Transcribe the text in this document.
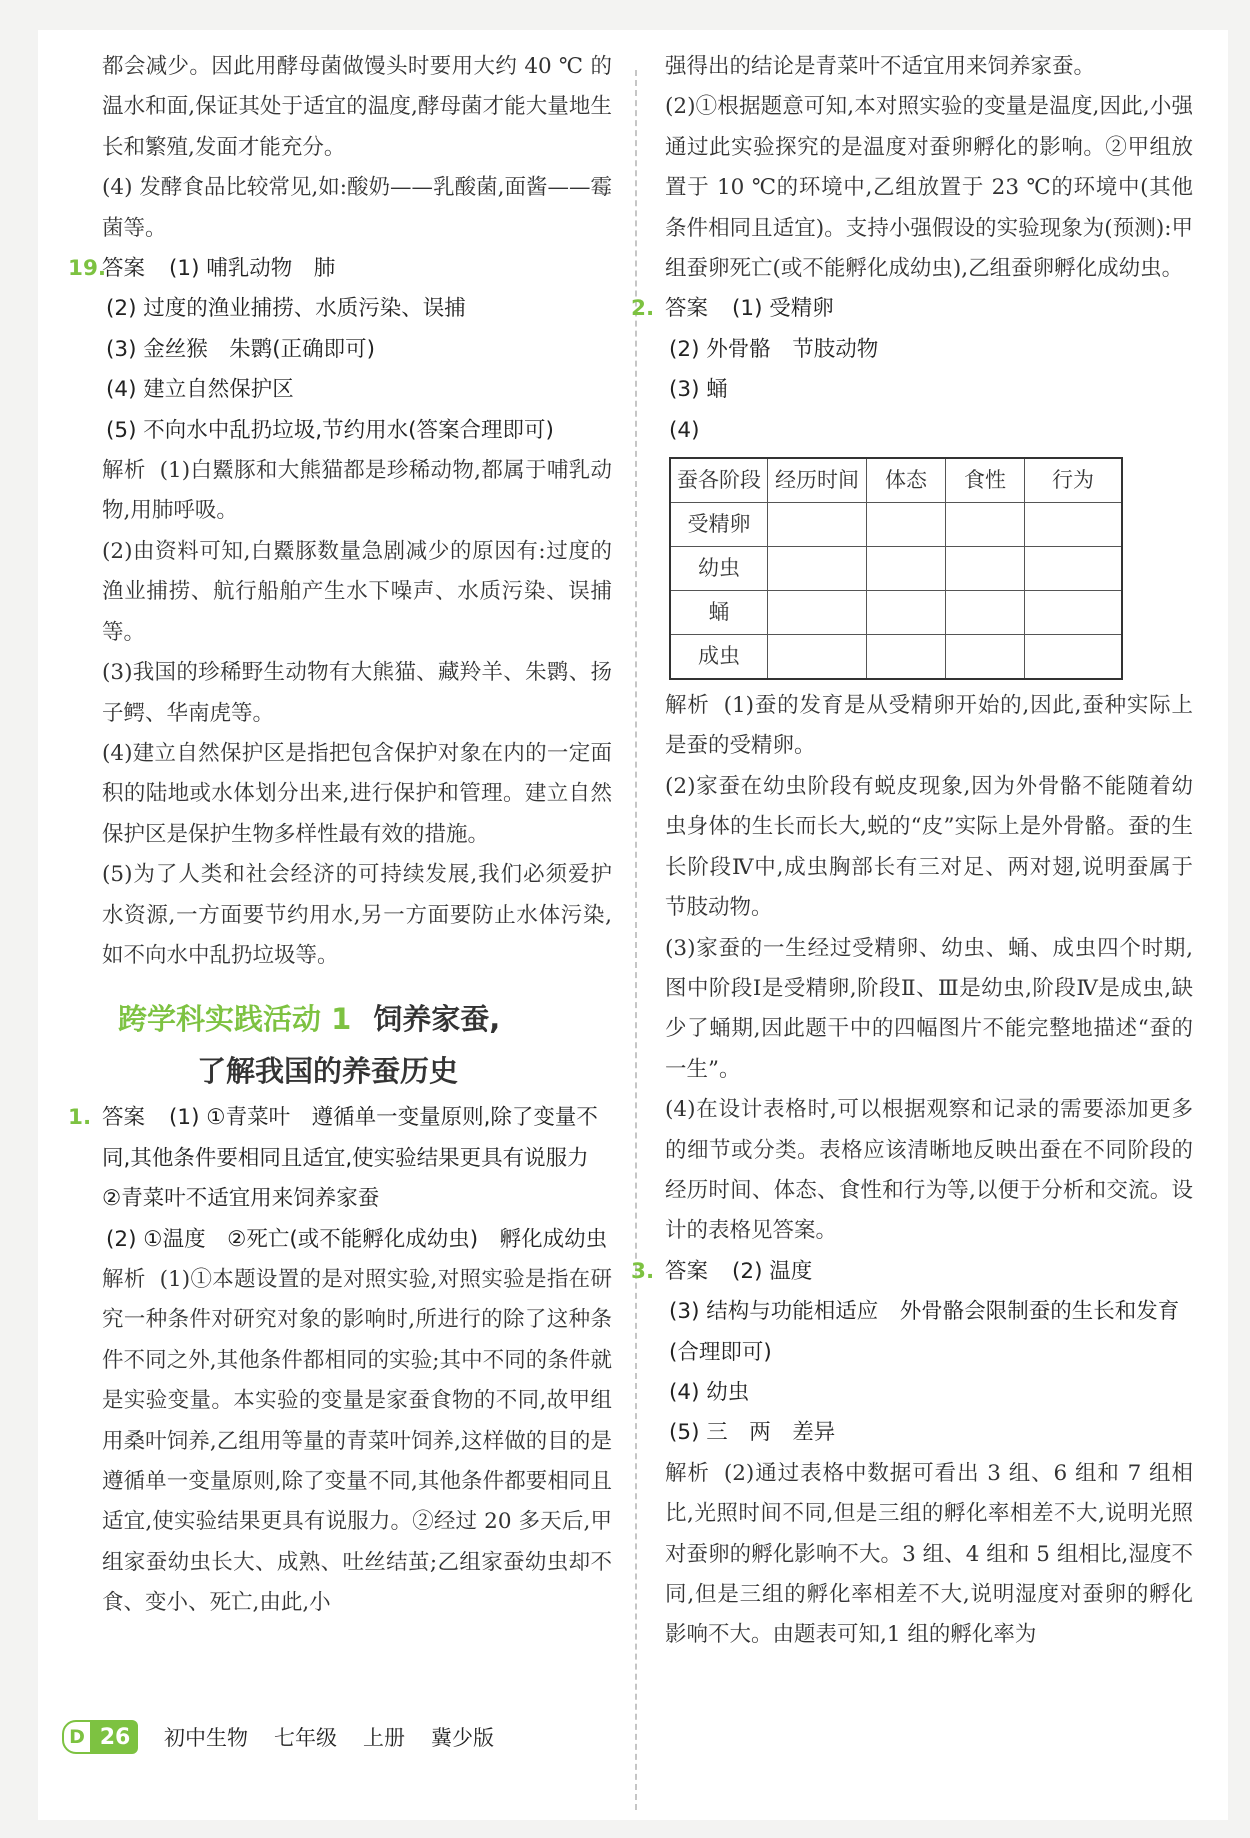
都会减少。因此用酵母菌做馒头时要用大约 40 ℃ 的温水和面,保证其处于适宜的温度,酵母菌才能大量地生长和繁殖,发面才能充分。

(4) 发酵食品比较常见,如:酸奶——乳酸菌,面酱——霉菌等。

19.答案 (1) 哺乳动物　肺

(2) 过度的渔业捕捞、水质污染、误捕

(3) 金丝猴　朱鹮(正确即可)

(4) 建立自然保护区

(5) 不向水中乱扔垃圾,节约用水(答案合理即可)

解析 (1)白鱀豚和大熊猫都是珍稀动物,都属于哺乳动物,用肺呼吸。

(2)由资料可知,白鱀豚数量急剧减少的原因有:过度的渔业捕捞、航行船舶产生水下噪声、水质污染、误捕等。

(3)我国的珍稀野生动物有大熊猫、藏羚羊、朱鹮、扬子鳄、华南虎等。

(4)建立自然保护区是指把包含保护对象在内的一定面积的陆地或水体划分出来,进行保护和管理。建立自然保护区是保护生物多样性最有效的措施。

(5)为了人类和社会经济的可持续发展,我们必须爱护水资源,一方面要节约用水,另一方面要防止水体污染,如不向水中乱扔垃圾等。

跨学科实践活动 1 饲养家蚕,
了解我国的养蚕历史

1. 答案 (1) ①青菜叶　遵循单一变量原则,除了变量不同,其他条件要相同且适宜,使实验结果更具有说服力　②青菜叶不适宜用来饲养家蚕

(2) ①温度　②死亡(或不能孵化成幼虫)　孵化成幼虫

解析 (1)①本题设置的是对照实验,对照实验是指在研究一种条件对研究对象的影响时,所进行的除了这种条件不同之外,其他条件都相同的实验;其中不同的条件就是实验变量。本实验的变量是家蚕食物的不同,故甲组用桑叶饲养,乙组用等量的青菜叶饲养,这样做的目的是遵循单一变量原则,除了变量不同,其他条件都要相同且适宜,使实验结果更具有说服力。②经过 20 多天后,甲组家蚕幼虫长大、成熟、吐丝结茧;乙组家蚕幼虫却不食、变小、死亡,由此,小

强得出的结论是青菜叶不适宜用来饲养家蚕。

(2)①根据题意可知,本对照实验的变量是温度,因此,小强通过此实验探究的是温度对蚕卵孵化的影响。②甲组放置于 10 ℃的环境中,乙组放置于 23 ℃的环境中(其他条件相同且适宜)。支持小强假设的实验现象为(预测):甲组蚕卵死亡(或不能孵化成幼虫),乙组蚕卵孵化成幼虫。

2. 答案 (1) 受精卵

(2) 外骨骼　节肢动物

(3) 蛹

(4)

蚕各阶段	经历时间	体态	食性	行为
受精卵				
幼虫				
蛹				
成虫				

解析 (1)蚕的发育是从受精卵开始的,因此,蚕种实际上是蚕的受精卵。

(2)家蚕在幼虫阶段有蜕皮现象,因为外骨骼不能随着幼虫身体的生长而长大,蜕的“皮”实际上是外骨骼。蚕的生长阶段Ⅳ中,成虫胸部长有三对足、两对翅,说明蚕属于节肢动物。

(3)家蚕的一生经过受精卵、幼虫、蛹、成虫四个时期,图中阶段Ⅰ是受精卵,阶段Ⅱ、Ⅲ是幼虫,阶段Ⅳ是成虫,缺少了蛹期,因此题干中的四幅图片不能完整地描述“蚕的一生”。

(4)在设计表格时,可以根据观察和记录的需要添加更多的细节或分类。表格应该清晰地反映出蚕在不同阶段的经历时间、体态、食性和行为等,以便于分析和交流。设计的表格见答案。

3. 答案 (2) 温度

(3) 结构与功能相适应　外骨骼会限制蚕的生长和发育(合理即可)

(4) 幼虫

(5) 三　两　差异

解析 (2)通过表格中数据可看出 3 组、6 组和 7 组相比,光照时间不同,但是三组的孵化率相差不大,说明光照对蚕卵的孵化影响不大。3 组、4 组和 5 组相比,湿度不同,但是三组的孵化率相差不大,说明湿度对蚕卵的孵化影响不大。由题表可知,1 组的孵化率为

D 26	初中生物 七年级 上册 冀少版
